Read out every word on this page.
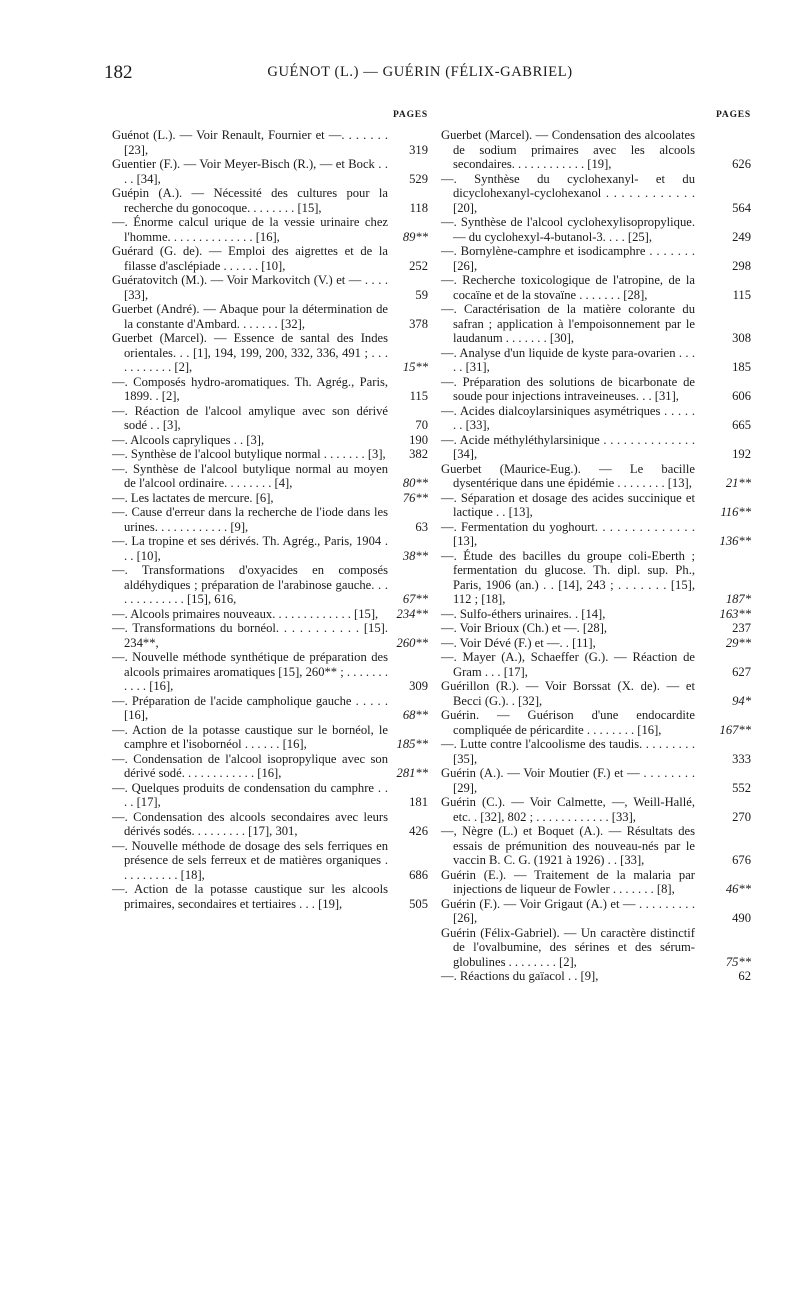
182	GUÉNOT (L.) — GUÉRIN (FÉLIX-GABRIEL)
PAGES
Guénot (L.). — Voir Renault, Fournier et —. . . . . . . [23],	319
Guentier (F.). — Voir Meyer-Bisch (R.), — et Bock . . . . [34],	529
Guépin (A.). — Nécessité des cultures pour la recherche du gonocoque. . . . . . . . [15],	118
—. Énorme calcul urique de la vessie urinaire chez l'homme. . . . . . . . . . . . . . [16],	89**
Guérard (G. de). — Emploi des aigrettes et de la filasse d'asclépiade . . . . . . [10],	252
Guératovitch (M.). — Voir Markovitch (V.) et — . . . . [33],	59
Guerbet (André). — Abaque pour la détermination de la constante d'Ambard. . . . . . . [32],	378
Guerbet (Marcel). — Essence de santal des Indes orientales. . . [1], 194, 199, 200, 332, 336, 491 ; . . . . . . . . . . . [2],	15**
—. Composés hydro-aromatiques. Th. Agrég., Paris, 1899. . [2],	115
—. Réaction de l'alcool amylique avec son dérivé sodé . . [3],	70
—. Alcools capryliques . . [3],	190
—. Synthèse de l'alcool butylique normal . . . . . . . [3],	382
—. Synthèse de l'alcool butylique normal au moyen de l'alcool ordinaire. . . . . . . . [4],	80**
—. Les lactates de mercure. [6],	76**
—. Cause d'erreur dans la recherche de l'iode dans les urines. . . . . . . . . . . . [9],	63
—. La tropine et ses dérivés. Th. Agrég., Paris, 1904 . . . [10],	38**
—. Transformations d'oxyacides en composés aldéhydiques ; préparation de l'arabinose gauche. . . . . . . . . . . . . [15], 616,	67**
—. Alcools primaires nouveaux. . . . . . . . . . . . . [15],	234**
—. Transformations du bornéol. . . . . . . . . . . [15]. 234**,	260**
—. Nouvelle méthode synthétique de préparation des alcools primaires aromatiques [15], 260** ; . . . . . . . . . . . [16],	309
—. Préparation de l'acide campholique gauche . . . . . [16],	68**
—. Action de la potasse caustique sur le bornéol, le camphre et l'isobornéol . . . . . . [16],	185**
—. Condensation de l'alcool isopropylique avec son dérivé sodé. . . . . . . . . . . . [16],	281**
—. Quelques produits de condensation du camphre . . . . [17],	181
—. Condensation des alcools secondaires avec leurs dérivés sodés. . . . . . . . . [17], 301,	426
—. Nouvelle méthode de dosage des sels ferriques en présence de sels ferreux et de matières organiques . . . . . . . . . . [18],	686
—. Action de la potasse caustique sur les alcools primaires, secondaires et tertiaires . . . [19],	505
PAGES
Guerbet (Marcel). — Condensation des alcoolates de sodium primaires avec les alcools secondaires. . . . . . . . . . . . [19],	626
—. Synthèse du cyclohexanyl- et du dicyclohexanyl-cyclohexanol . . . . . . . . . . . . [20],	564
—. Synthèse de l'alcool cyclohexylisopropylique. — du cyclohexyl-4-butanol-3. . . . [25],	249
—. Bornylène-camphre et isodicamphre . . . . . . . [26],	298
—. Recherche toxicologique de l'atropine, de la cocaïne et de la stovaïne . . . . . . . [28],	115
—. Caractérisation de la matière colorante du safran ; application à l'empoisonnement par le laudanum . . . . . . . [30],	308
—. Analyse d'un liquide de kyste para-ovarien . . . . . [31],	185
—. Préparation des solutions de bicarbonate de soude pour injections intraveineuses. . . [31],	606
—. Acides dialcoylarsiniques asymétriques . . . . . . . [33],	665
—. Acide méthyléthylarsinique . . . . . . . . . . . . . . [34],	192
Guerbet (Maurice-Eug.). — Le bacille dysentérique dans une épidémie . . . . . . . . [13],	21**
—. Séparation et dosage des acides succinique et lactique . . [13],	116**
—. Fermentation du yoghourt. . . . . . . . . . . . . . [13],	136**
—. Étude des bacilles du groupe coli-Eberth ; fermentation du glucose. Th. dipl. sup. Ph., Paris, 1906 (an.) . . [14], 243 ; . . . . . . . [15], 112 ; [18],	187*
—. Sulfo-éthers urinaires. . [14],	163**
—. Voir Brioux (Ch.) et —. [28],	237
—. Voir Dévé (F.) et —. . [11],	29**
—. Mayer (A.), Schaeffer (G.). — Réaction de Gram . . . [17],	627
Guérillon (R.). — Voir Borssat (X. de). — et Becci (G.). . [32],	94*
Guérin. — Guérison d'une endocardite compliquée de péricardite . . . . . . . . [16],	167**
—. Lutte contre l'alcoolisme des taudis. . . . . . . . . [35],	333
Guérin (A.). — Voir Moutier (F.) et — . . . . . . . . [29],	552
Guérin (C.). — Voir Calmette, —, Weill-Hallé, etc. . [32], 802 ; . . . . . . . . . . . . [33],	270
—, Nègre (L.) et Boquet (A.). — Résultats des essais de prémunition des nouveau-nés par le vaccin B. C. G. (1921 à 1926) . . [33],	676
Guérin (E.). — Traitement de la malaria par injections de liqueur de Fowler . . . . . . . [8],	46**
Guérin (F.). — Voir Grigaut (A.) et — . . . . . . . . . [26],	490
Guérin (Félix-Gabriel). — Un caractère distinctif de l'ovalbumine, des sérines et des sérum-globulines . . . . . . . . [2],	75**
—. Réactions du gaïacol . . [9],	62
